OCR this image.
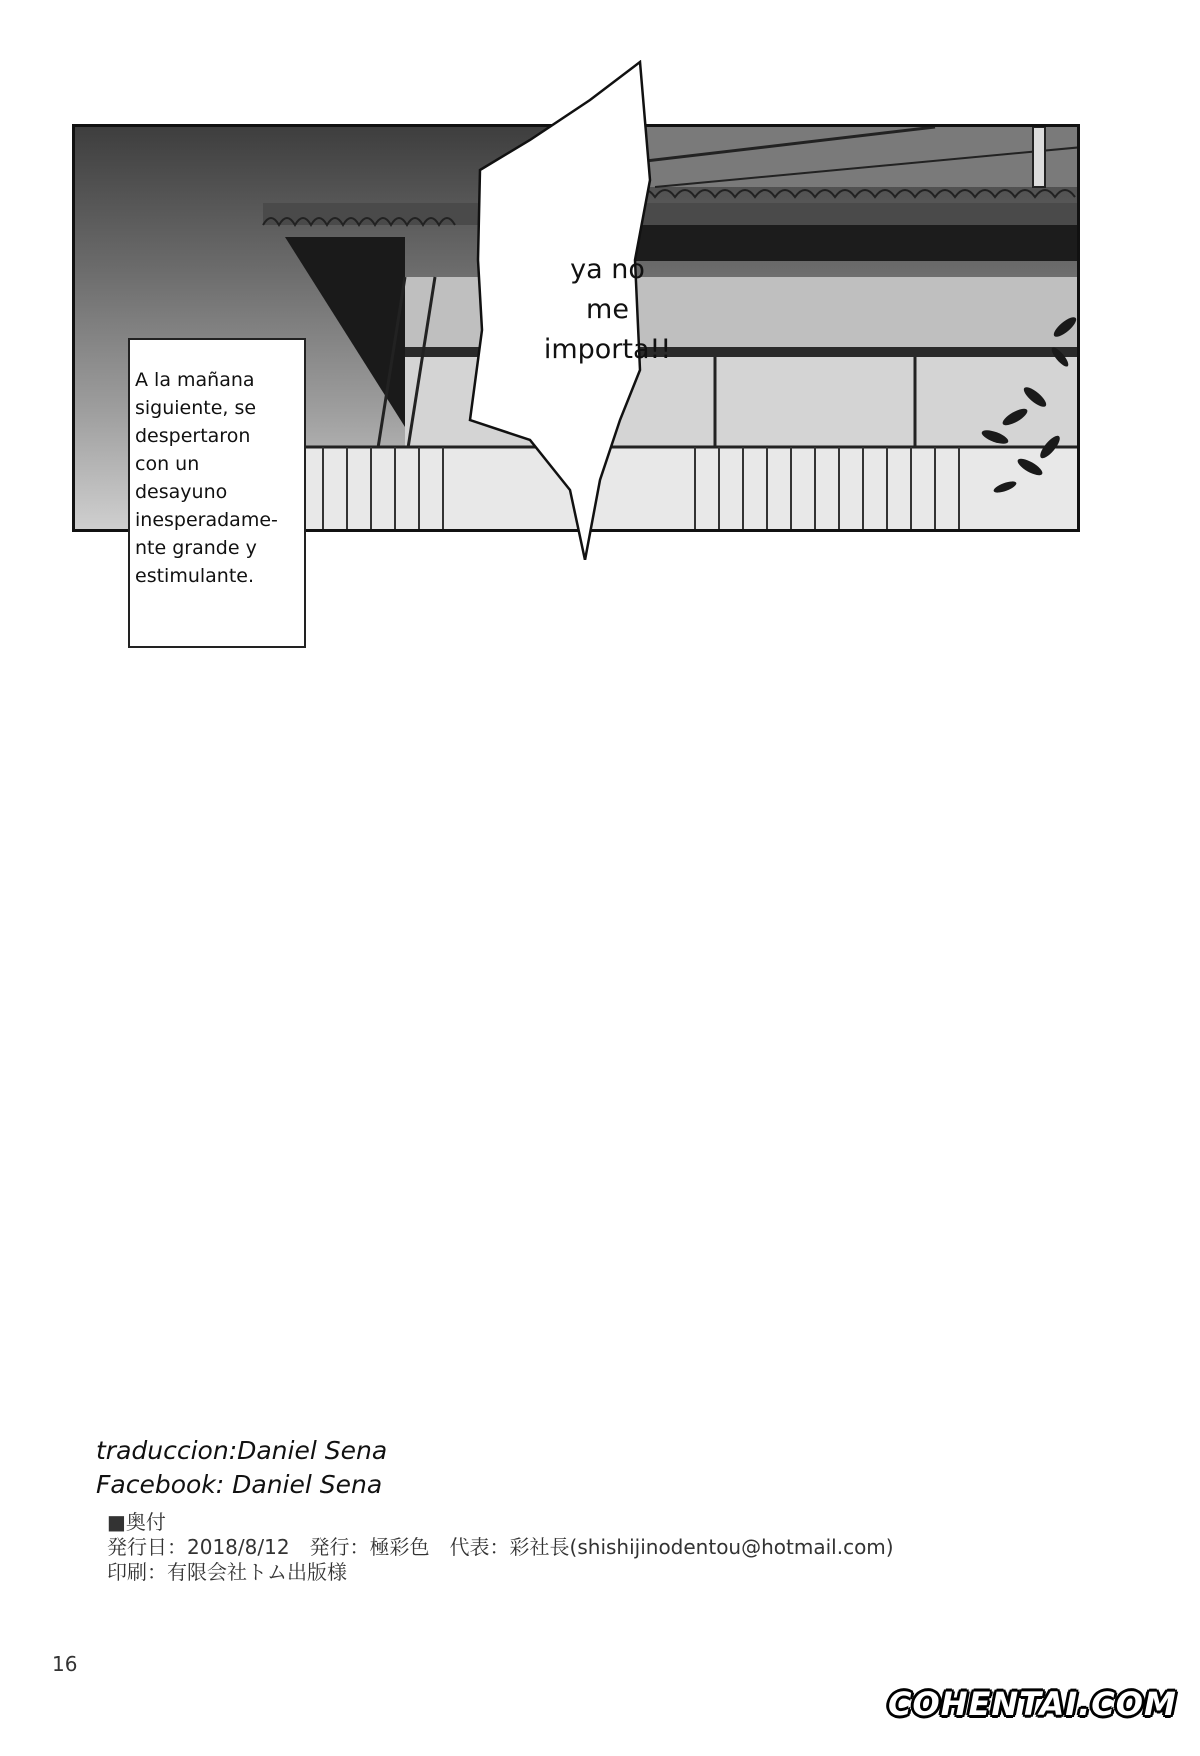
A la mañana
siguiente, se
despertaron
con un
desayuno
inesperadame-
nte grande y
estimulante.
ya no
me
importa!!
traduccion:Daniel Sena
Facebook: Daniel Sena
■奥付
発行日：2018/8/12　発行：極彩色　代表：彩社長(shishijinodentou@hotmail.com)
印刷：有限会社トム出版様
16
COHENTAI.COM
